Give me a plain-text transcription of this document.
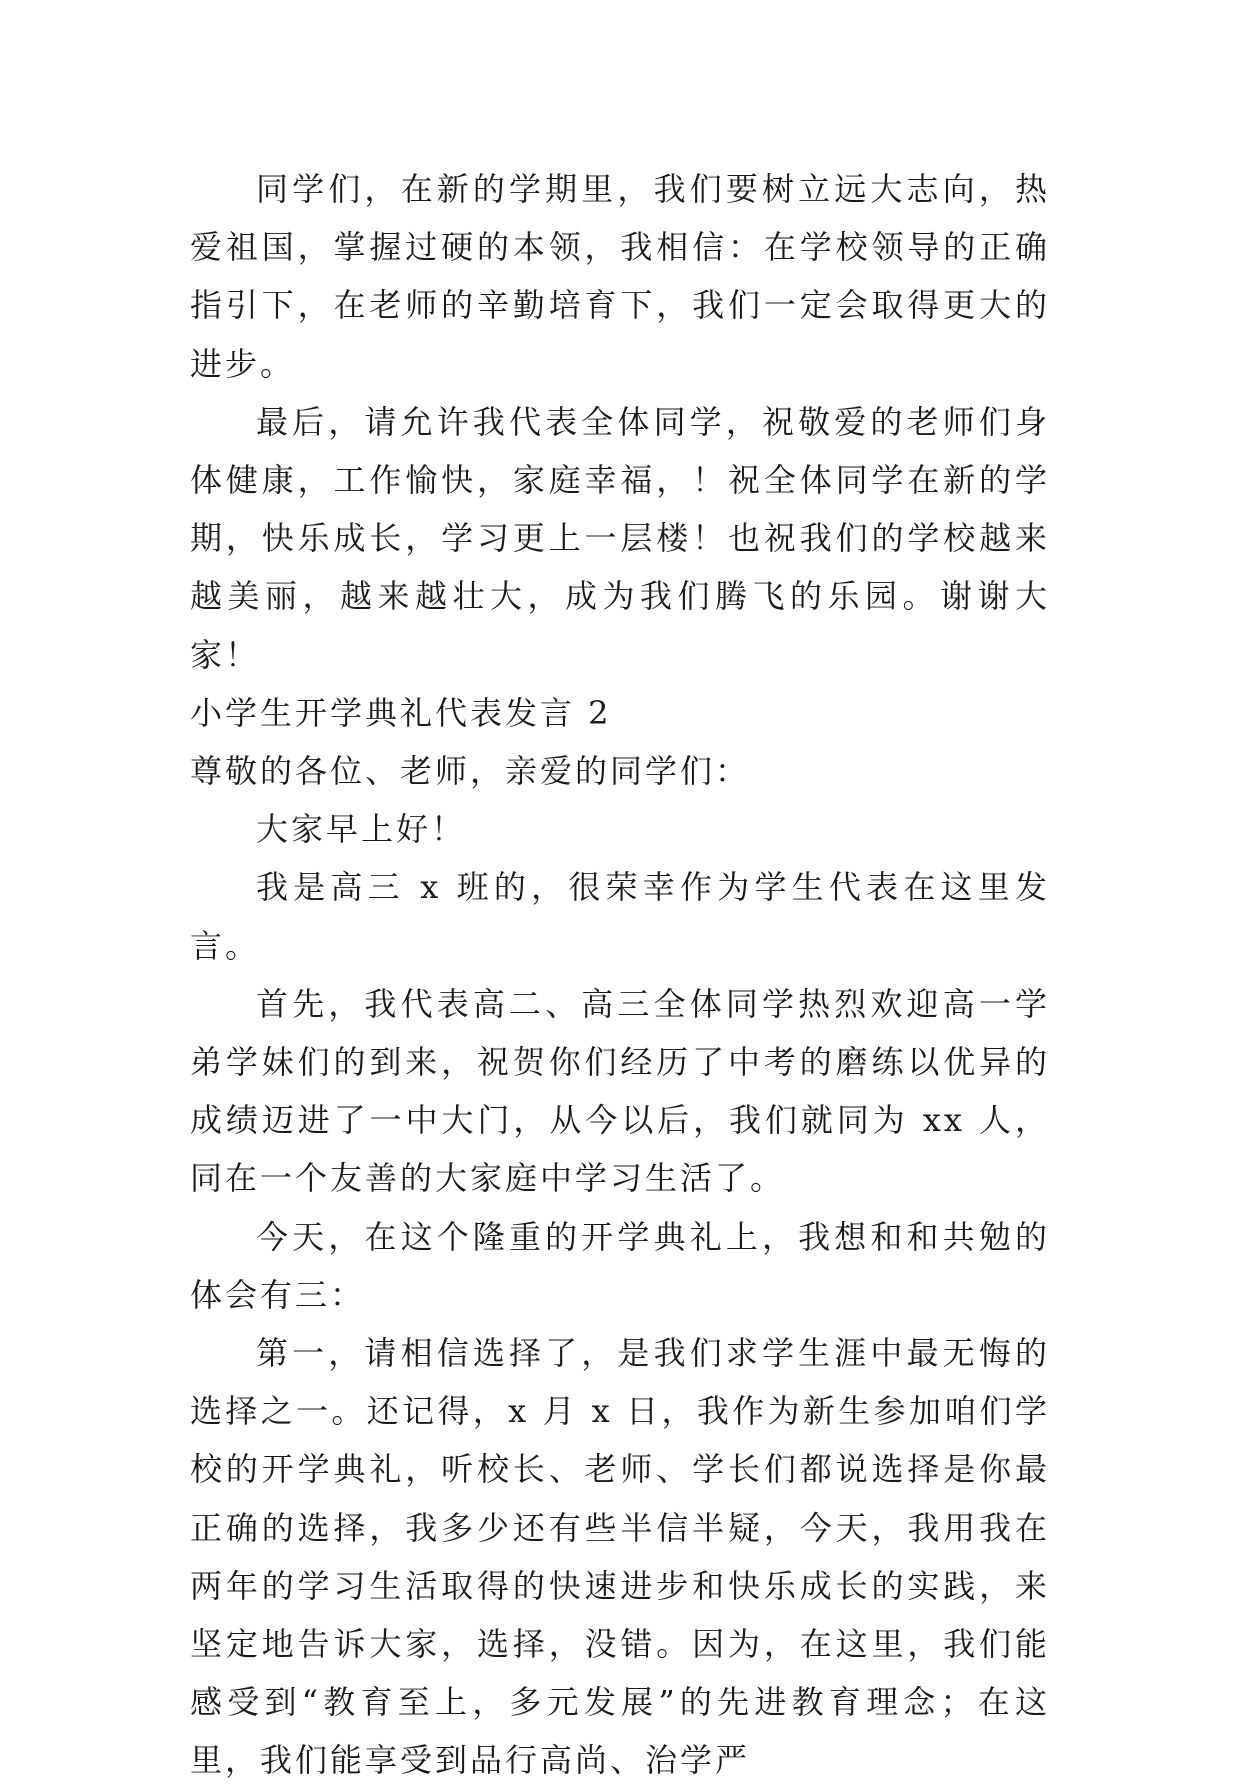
同学们，在新的学期里，我们要树立远大志向，热爱祖国，掌握过硬的本领，我相信：在学校领导的正确指引下，在老师的辛勤培育下，我们一定会取得更大的进步。

最后，请允许我代表全体同学，祝敬爱的老师们身体健康，工作愉快，家庭幸福，！祝全体同学在新的学期，快乐成长，学习更上一层楼！也祝我们的学校越来越美丽，越来越壮大，成为我们腾飞的乐园。谢谢大家！

小学生开学典礼代表发言 2

尊敬的各位、老师，亲爱的同学们：

大家早上好！

我是高三 x 班的，很荣幸作为学生代表在这里发言。

首先，我代表高二、高三全体同学热烈欢迎高一学弟学妹们的到来，祝贺你们经历了中考的磨练以优异的成绩迈进了一中大门，从今以后，我们就同为 xx 人，同在一个友善的大家庭中学习生活了。

今天，在这个隆重的开学典礼上，我想和和共勉的体会有三：

第一，请相信选择了，是我们求学生涯中最无悔的选择之一。还记得，x 月 x 日，我作为新生参加咱们学校的开学典礼，听校长、老师、学长们都说选择是你最正确的选择，我多少还有些半信半疑，今天，我用我在两年的学习生活取得的快速进步和快乐成长的实践，来坚定地告诉大家，选择，没错。因为，在这里，我们能感受到“教育至上，多元发展”的先进教育理念；在这里，我们能享受到品行高尚、治学严
